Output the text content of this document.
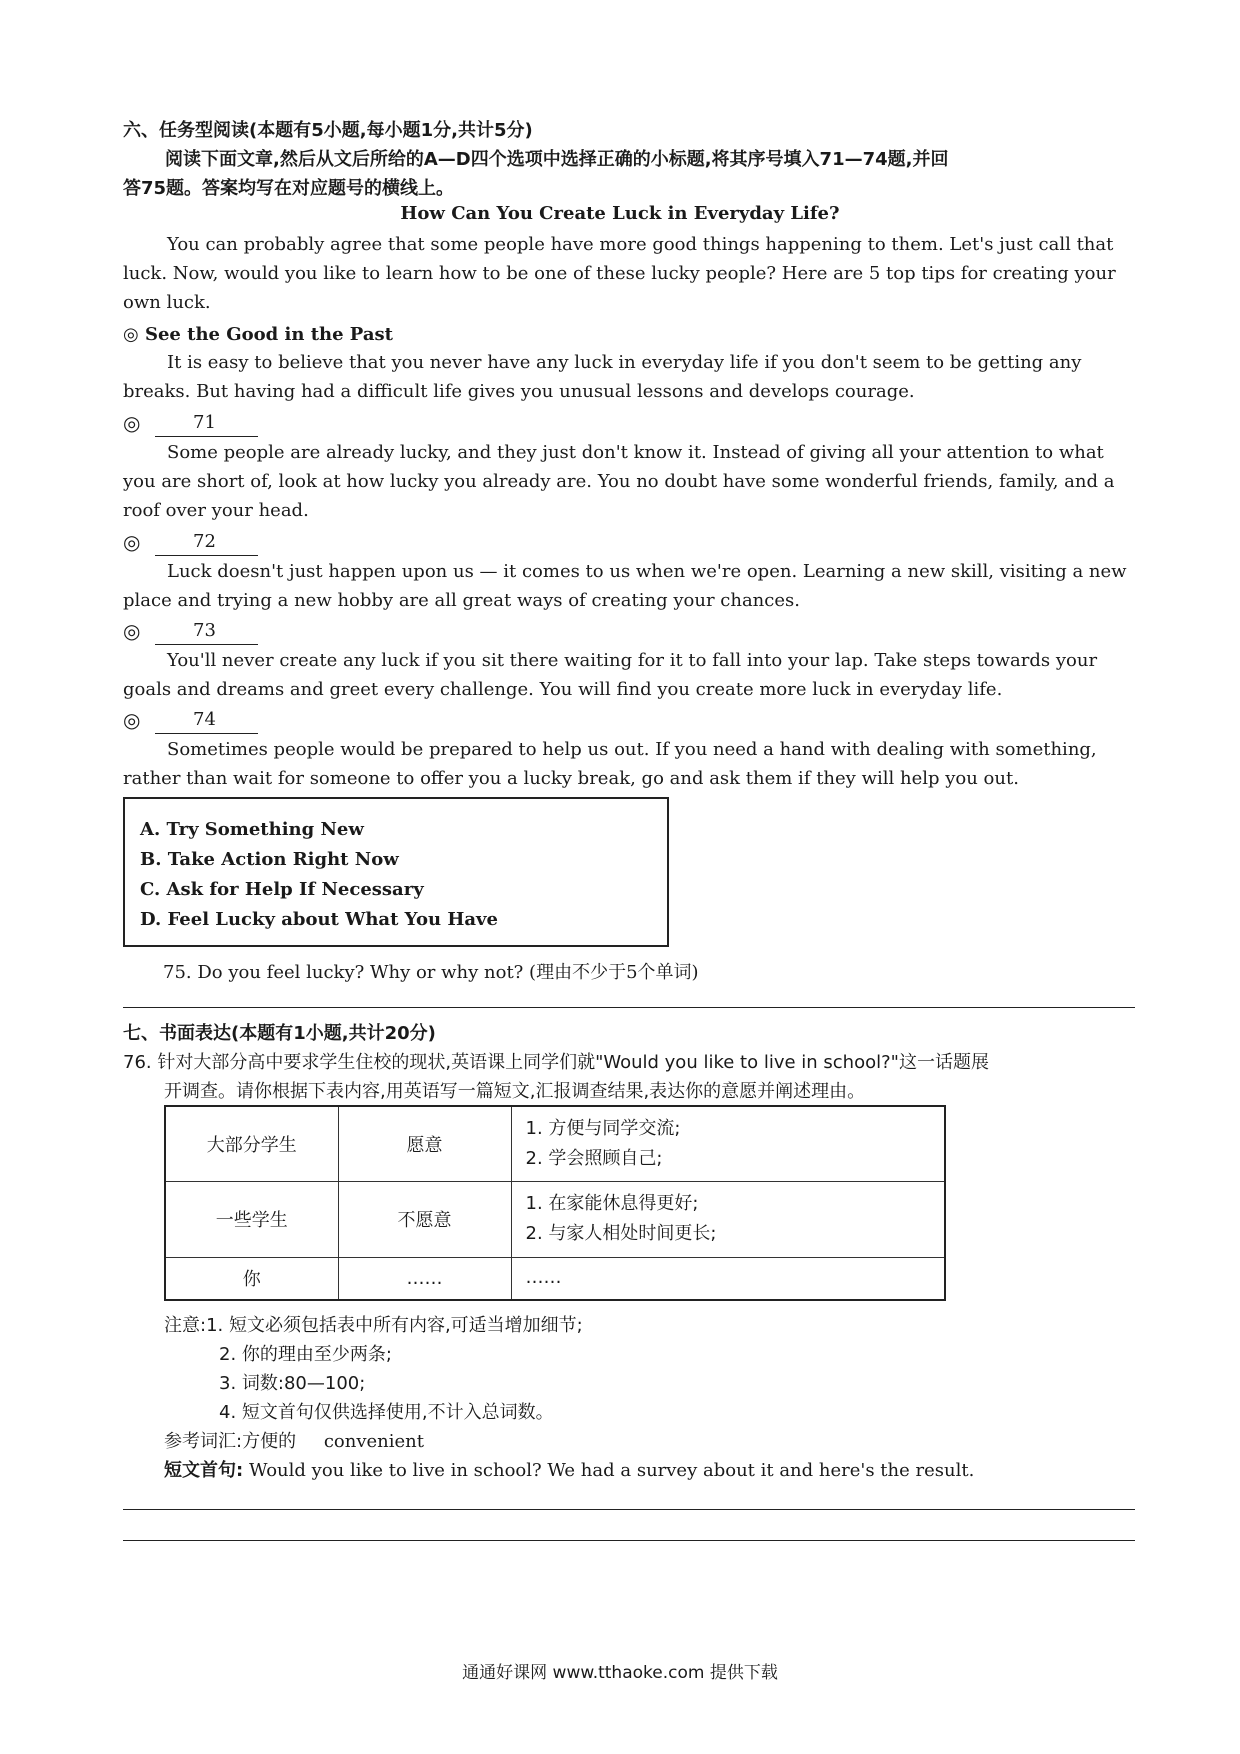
六、任务型阅读(本题有5小题,每小题1分,共计5分)
阅读下面文章,然后从文后所给的A—D四个选项中选择正确的小标题,将其序号填入71—74题,并回
答75题。答案均写在对应题号的横线上。
How Can You Create Luck in Everyday Life?
You can probably agree that some people have more good things happening to them. Let's just call that luck. Now, would you like to learn how to be one of these lucky people? Here are 5 top tips for creating your own luck.
◎ See the Good in the Past
It is easy to believe that you never have any luck in everyday life if you don't seem to be getting any breaks. But having had a difficult life gives you unusual lessons and develops courage.
◎	71
Some people are already lucky, and they just don't know it. Instead of giving all your attention to what you are short of, look at how lucky you already are. You no doubt have some wonderful friends, family, and a roof over your head.
◎	72
Luck doesn't just happen upon us — it comes to us when we're open. Learning a new skill, visiting a new place and trying a new hobby are all great ways of creating your chances.
◎	73
You'll never create any luck if you sit there waiting for it to fall into your lap. Take steps towards your goals and dreams and greet every challenge. You will find you create more luck in everyday life.
◎	74
Sometimes people would be prepared to help us out. If you need a hand with dealing with something, rather than wait for someone to offer you a lucky break, go and ask them if they will help you out.
A. Try Something New
B. Take Action Right Now
C. Ask for Help If Necessary
D. Feel Lucky about What You Have
75. Do you feel lucky? Why or why not? (理由不少于5个单词)
七、书面表达(本题有1小题,共计20分)
76. 针对大部分高中要求学生住校的现状,英语课上同学们就"Would you like to live in school?"这一话题展
开调查。请你根据下表内容,用英语写一篇短文,汇报调查结果,表达你的意愿并阐述理由。
大部分学生	愿意	1. 方便与同学交流;
2. 学会照顾自己;

一些学生	不愿意	1. 在家能休息得更好;
2. 与家人相处时间更长;

你	……	……
注意:1. 短文必须包括表中所有内容,可适当增加细节;
2. 你的理由至少两条;
3. 词数:80—100;
4. 短文首句仅供选择使用,不计入总词数。
参考词汇:方便的 convenient
短文首句: Would you like to live in school? We had a survey about it and here's the result.
通通好课网 www.tthaoke.com 提供下载
